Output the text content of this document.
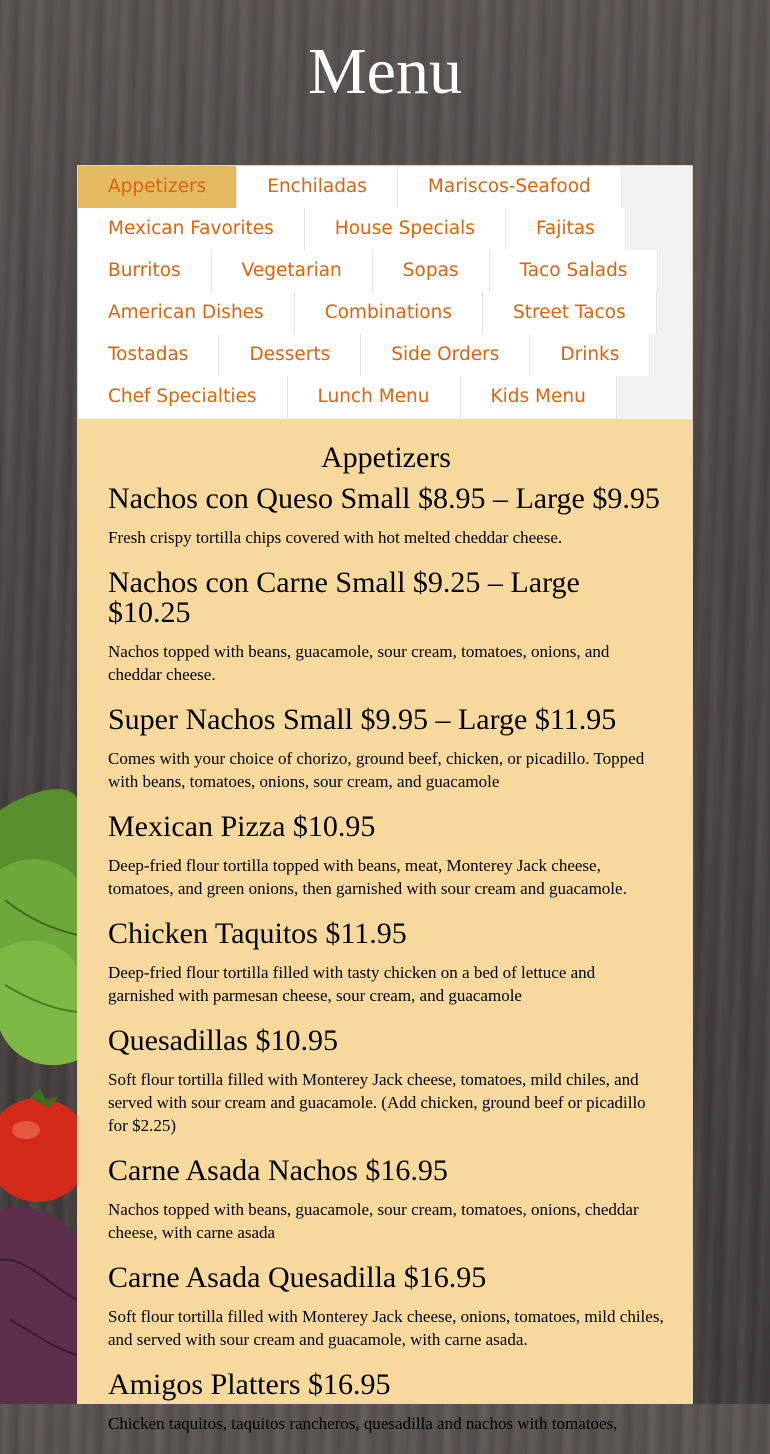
Menu
Appetizers	Enchiladas	Mariscos-Seafood
Mexican Favorites	House Specials	Fajitas
Burritos	Vegetarian	Sopas	Taco Salads
American Dishes	Combinations	Street Tacos
Tostadas	Desserts	Side Orders	Drinks
Chef Specialties	Lunch Menu	Kids Menu
Appetizers
Nachos con Queso Small $8.95 – Large $9.95

Fresh crispy tortilla chips covered with hot melted cheddar cheese.

Nachos con Carne Small $9.25 – Large $10.25

Nachos topped with beans, guacamole, sour cream, tomatoes, onions, and cheddar cheese.

Super Nachos Small $9.95 – Large $11.95

Comes with your choice of chorizo, ground beef, chicken, or picadillo. Topped with beans, tomatoes, onions, sour cream, and guacamole

Mexican Pizza $10.95

Deep-fried flour tortilla topped with beans, meat, Monterey Jack cheese, tomatoes, and green onions, then garnished with sour cream and guacamole.

Chicken Taquitos $11.95

Deep-fried flour tortilla filled with tasty chicken on a bed of lettuce and garnished with parmesan cheese, sour cream, and guacamole

Quesadillas $10.95

Soft flour tortilla filled with Monterey Jack cheese, tomatoes, mild chiles, and served with sour cream and guacamole. (Add chicken, ground beef or picadillo for $2.25)

Carne Asada Nachos $16.95

Nachos topped with beans, guacamole, sour cream, tomatoes, onions, cheddar cheese, with carne asada

Carne Asada Quesadilla $16.95

Soft flour tortilla filled with Monterey Jack cheese, onions, tomatoes, mild chiles, and served with sour cream and guacamole, with carne asada.

Amigos Platters $16.95

Chicken taquitos, taquitos rancheros, quesadilla and nachos with tomatoes,
